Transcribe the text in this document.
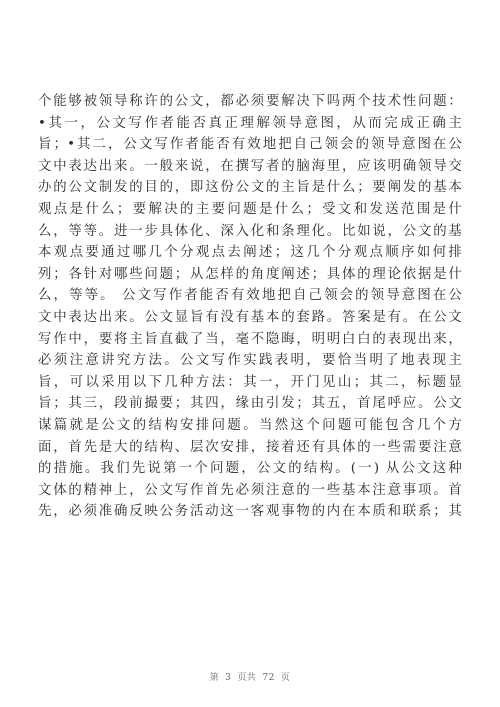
个能够被领导称许的公文，都必须要解决下吗两个技术性问题：
•其一，公文写作者能否真正理解领导意图，从而完成正确主
旨；•其二，公文写作者能否有效地把自己领会的领导意图在公
文中表达出来。一般来说，在撰写者的脑海里，应该明确领导交
办的公文制发的目的，即这份公文的主旨是什么；要阐发的基本
观点是什么；要解决的主要问题是什么；受文和发送范围是什
么，等等。进一步具体化、深入化和条理化。比如说，公文的基
本观点要通过哪几个分观点去阐述；这几个分观点顺序如何排
列；各针对哪些问题；从怎样的角度阐述；具体的理论依据是什
么，等等。 公文写作者能否有效地把自己领会的领导意图在公
文中表达出来。公文显旨有没有基本的套路。答案是有。在公文
写作中，要将主旨直截了当，毫不隐晦，明明白白的表现出来，
必须注意讲究方法。公文写作实践表明，要恰当明了地表现主
旨，可以采用以下几种方法：其一，开门见山；其二，标题显
旨；其三，段前撮要；其四，缘由引发；其五，首尾呼应。公文
谋篇就是公文的结构安排问题。当然这个问题可能包含几个方
面，首先是大的结构、层次安排，接着还有具体的一些需要注意
的措施。我们先说第一个问题，公文的结构。(一) 从公文这种
文体的精神上，公文写作首先必须注意的一些基本注意事项。首
先，必须准确反映公务活动这一客观事物的内在本质和联系；其
第 3 页共 72 页
